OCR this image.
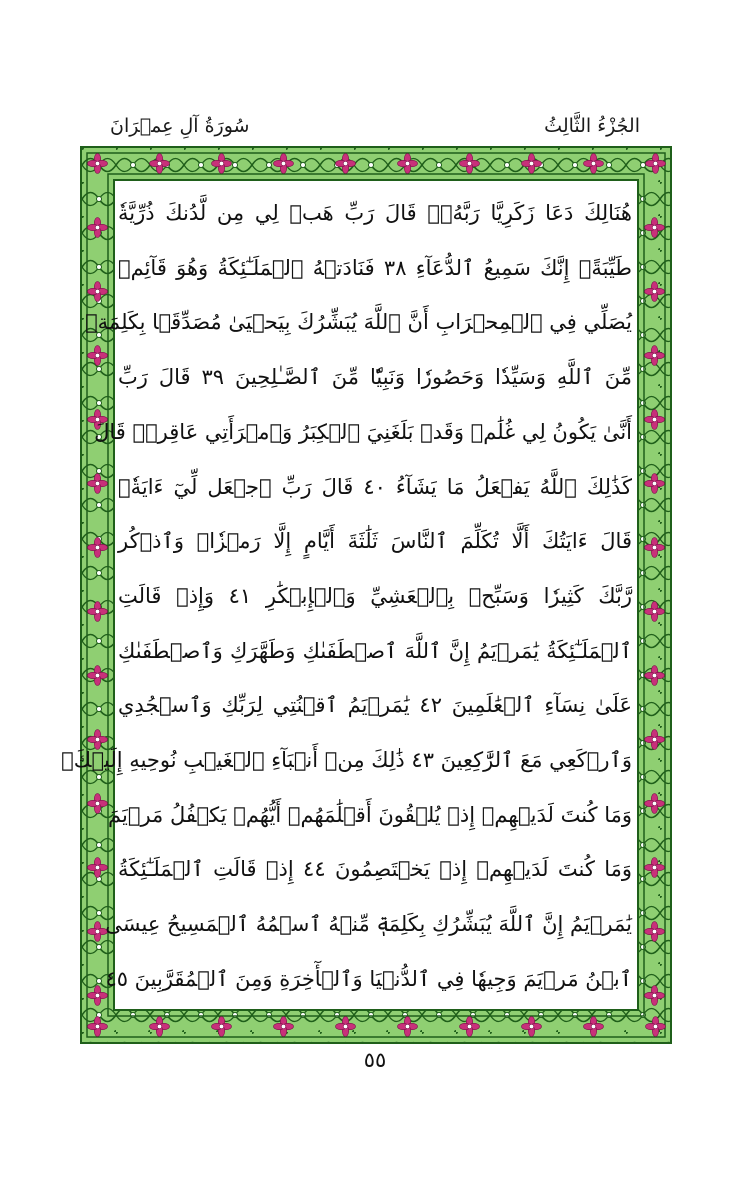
الجُزْءُ الثَّالِثُ
سُورَةُ آلِ عِمۡرَانَ
هُنَالِكَ دَعَا زَكَرِيَّا رَبَّهُۥۖ قَالَ رَبِّ هَبۡ لِي مِن لَّدُنكَ ذُرِّيَّةٗ
طَيِّبَةًۖ إِنَّكَ سَمِيعُ ٱلدُّعَآءِ ٣٨ فَنَادَتۡهُ ٱلۡمَلَـٰٓئِكَةُ وَهُوَ قَآئِمٞ
يُصَلِّي فِي ٱلۡمِحۡرَابِ أَنَّ ٱللَّهَ يُبَشِّرُكَ بِيَحۡيَىٰ مُصَدِّقَۢا بِكَلِمَةٖ
مِّنَ ٱللَّهِ وَسَيِّدٗا وَحَصُورٗا وَنَبِيّٗا مِّنَ ٱلصَّـٰلِحِينَ ٣٩ قَالَ رَبِّ
أَنَّىٰ يَكُونُ لِي غُلَٰمٞ وَقَدۡ بَلَغَنِيَ ٱلۡكِبَرُ وَٱمۡرَأَتِي عَاقِرٞۖ قَالَ
كَذَٰلِكَ ٱللَّهُ يَفۡعَلُ مَا يَشَآءُ ٤٠ قَالَ رَبِّ ٱجۡعَل لِّيٓ ءَايَةٗۖ
قَالَ ءَايَتُكَ أَلَّا تُكَلِّمَ ٱلنَّاسَ ثَلَٰثَةَ أَيَّامٍ إِلَّا رَمۡزٗاۗ وَٱذۡكُر
رَّبَّكَ كَثِيرٗا وَسَبِّحۡ بِٱلۡعَشِيِّ وَٱلۡإِبۡكَٰرِ ٤١ وَإِذۡ قَالَتِ
ٱلۡمَلَـٰٓئِكَةُ يَٰمَرۡيَمُ إِنَّ ٱللَّهَ ٱصۡطَفَىٰكِ وَطَهَّرَكِ وَٱصۡطَفَىٰكِ
عَلَىٰ نِسَآءِ ٱلۡعَٰلَمِينَ ٤٢ يَٰمَرۡيَمُ ٱقۡنُتِي لِرَبِّكِ وَٱسۡجُدِي
وَٱرۡكَعِي مَعَ ٱلرَّٰكِعِينَ ٤٣ ذَٰلِكَ مِنۡ أَنۢبَآءِ ٱلۡغَيۡبِ نُوحِيهِ إِلَيۡكَۚ
وَمَا كُنتَ لَدَيۡهِمۡ إِذۡ يُلۡقُونَ أَقۡلَٰمَهُمۡ أَيُّهُمۡ يَكۡفُلُ مَرۡيَمَ
وَمَا كُنتَ لَدَيۡهِمۡ إِذۡ يَخۡتَصِمُونَ ٤٤ إِذۡ قَالَتِ ٱلۡمَلَـٰٓئِكَةُ
يَٰمَرۡيَمُ إِنَّ ٱللَّهَ يُبَشِّرُكِ بِكَلِمَةٖ مِّنۡهُ ٱسۡمُهُ ٱلۡمَسِيحُ عِيسَى
ٱبۡنُ مَرۡيَمَ وَجِيهٗا فِي ٱلدُّنۡيَا وَٱلۡأٓخِرَةِ وَمِنَ ٱلۡمُقَرَّبِينَ ٤٥
٥٥
